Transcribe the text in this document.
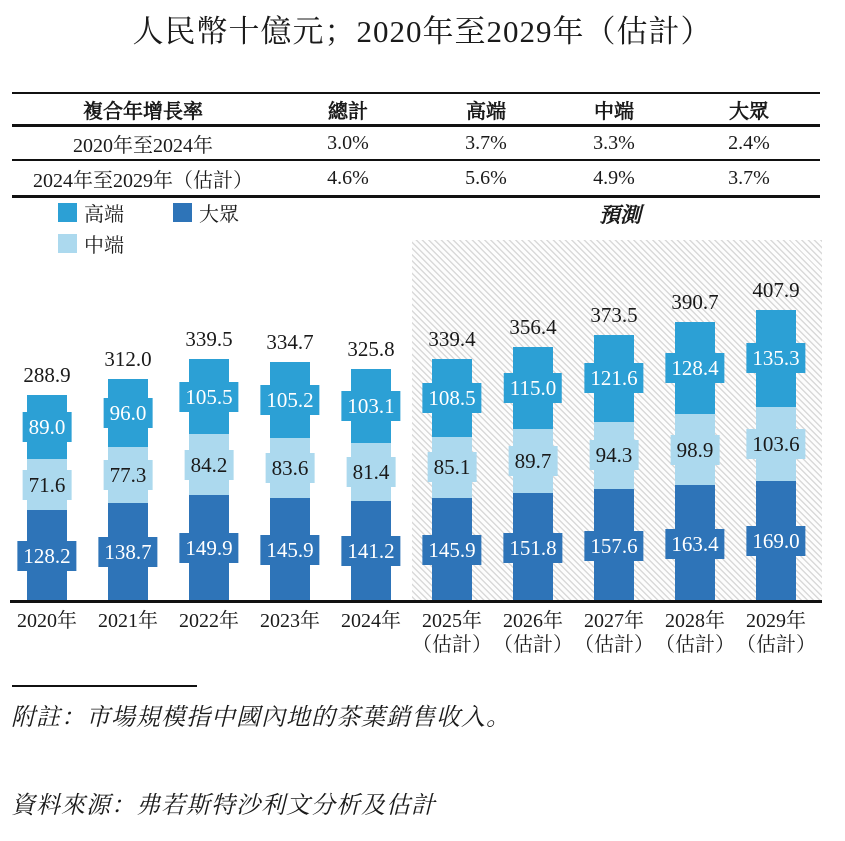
人民幣十億元；2020年至2029年（估計）
複合年增長率	總計	高端	中端	大眾
2020年至2024年	3.0%	3.7%	3.3%	2.4%
2024年至2029年（估計）	4.6%	5.6%	4.9%	3.7%
高端	大眾
中端
預測
128.2
71.6
89.0
288.9
138.7
77.3
96.0
312.0
149.9
84.2
105.5
339.5
145.9
83.6
105.2
334.7
141.2
81.4
103.1
325.8
145.9
85.1
108.5
339.4
151.8
89.7
115.0
356.4
157.6
94.3
121.6
373.5
163.4
98.9
128.4
390.7
169.0
103.6
135.3
407.9
2020年	2021年	2022年	2023年	2024年	2025年
（估計）
2026年
（估計）
2027年
（估計）
2028年
（估計）
2029年
（估計）
附註：市場規模指中國內地的茶葉銷售收入。
資料來源：弗若斯特沙利文分析及估計
